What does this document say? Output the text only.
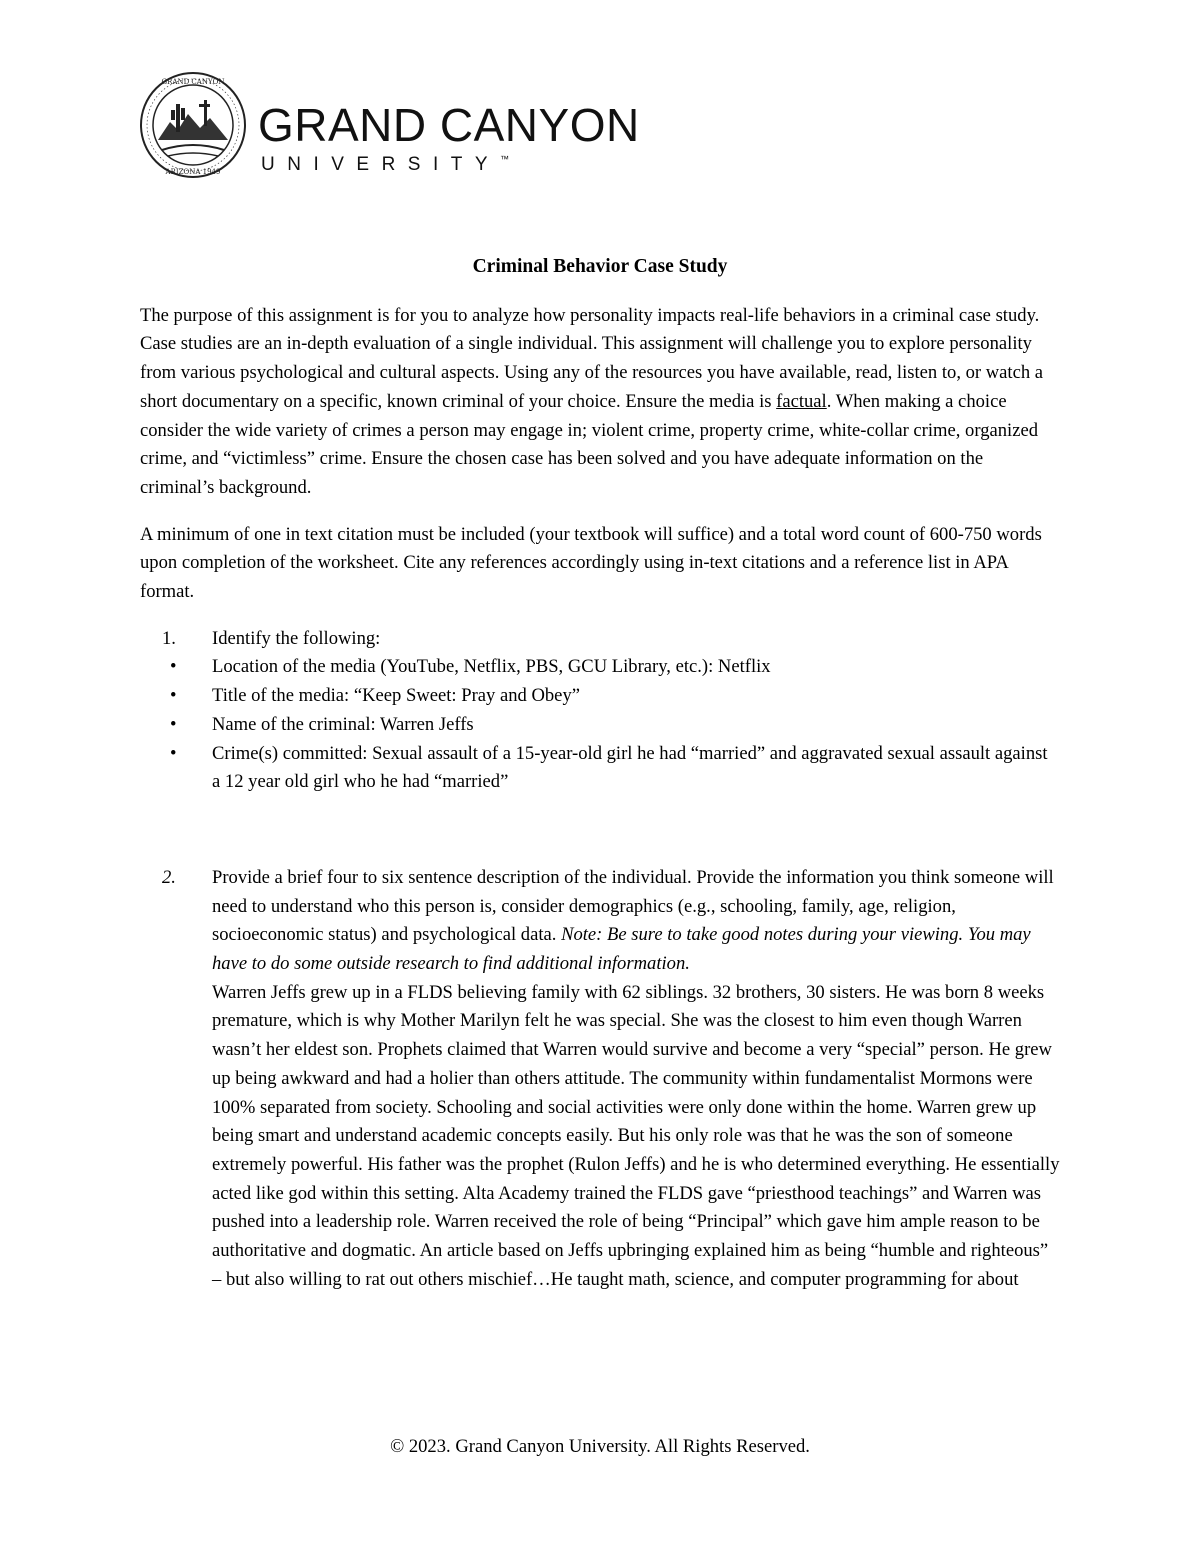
GRAND CANYON
ARIZONA 1949
GRAND CANYON
UNIVERSITY™
Criminal Behavior Case Study

The purpose of this assignment is for you to analyze how personality impacts real-life behaviors in a criminal case study. Case studies are an in-depth evaluation of a single individual. This assignment will challenge you to explore personality from various psychological and cultural aspects. Using any of the resources you have available, read, listen to, or watch a short documentary on a specific, known criminal of your choice. Ensure the media is factual. When making a choice consider the wide variety of crimes a person may engage in; violent crime, property crime, white-collar crime, organized crime, and “victimless” crime. Ensure the chosen case has been solved and you have adequate information on the criminal’s background.

A minimum of one in text citation must be included (your textbook will suffice) and a total word count of 600-750 words upon completion of the worksheet. Cite any references accordingly using in-text citations and a reference list in APA format.

1.	Identify the following:
• Location of the media (YouTube, Netflix, PBS, GCU Library, etc.): Netflix
• Title of the media: “Keep Sweet: Pray and Obey”
• Name of the criminal: Warren Jeffs
• Crime(s) committed: Sexual assault of a 15-year-old girl he had “married” and aggravated sexual assault against a 12 year old girl who he had “married”
2.	Provide a brief four to six sentence description of the individual. Provide the information you think someone will need to understand who this person is, consider demographics (e.g., schooling, family, age, religion, socioeconomic status) and psychological data. Note: Be sure to take good notes during your viewing. You may have to do some outside research to find additional information.
Warren Jeffs grew up in a FLDS believing family with 62 siblings. 32 brothers, 30 sisters. He was born 8 weeks premature, which is why Mother Marilyn felt he was special. She was the closest to him even though Warren wasn’t her eldest son. Prophets claimed that Warren would survive and become a very “special” person. He grew up being awkward and had a holier than others attitude. The community within fundamentalist Mormons were 100% separated from society. Schooling and social activities were only done within the home. Warren grew up being smart and understand academic concepts easily. But his only role was that he was the son of someone extremely powerful. His father was the prophet (Rulon Jeffs) and he is who determined everything. He essentially acted like god within this setting. Alta Academy trained the FLDS gave “priesthood teachings” and Warren was pushed into a leadership role. Warren received the role of being “Principal” which gave him ample reason to be authoritative and dogmatic. An article based on Jeffs upbringing explained him as being “humble and righteous” – but also willing to rat out others mischief…He taught math, science, and computer programming for about
© 2023. Grand Canyon University. All Rights Reserved.
